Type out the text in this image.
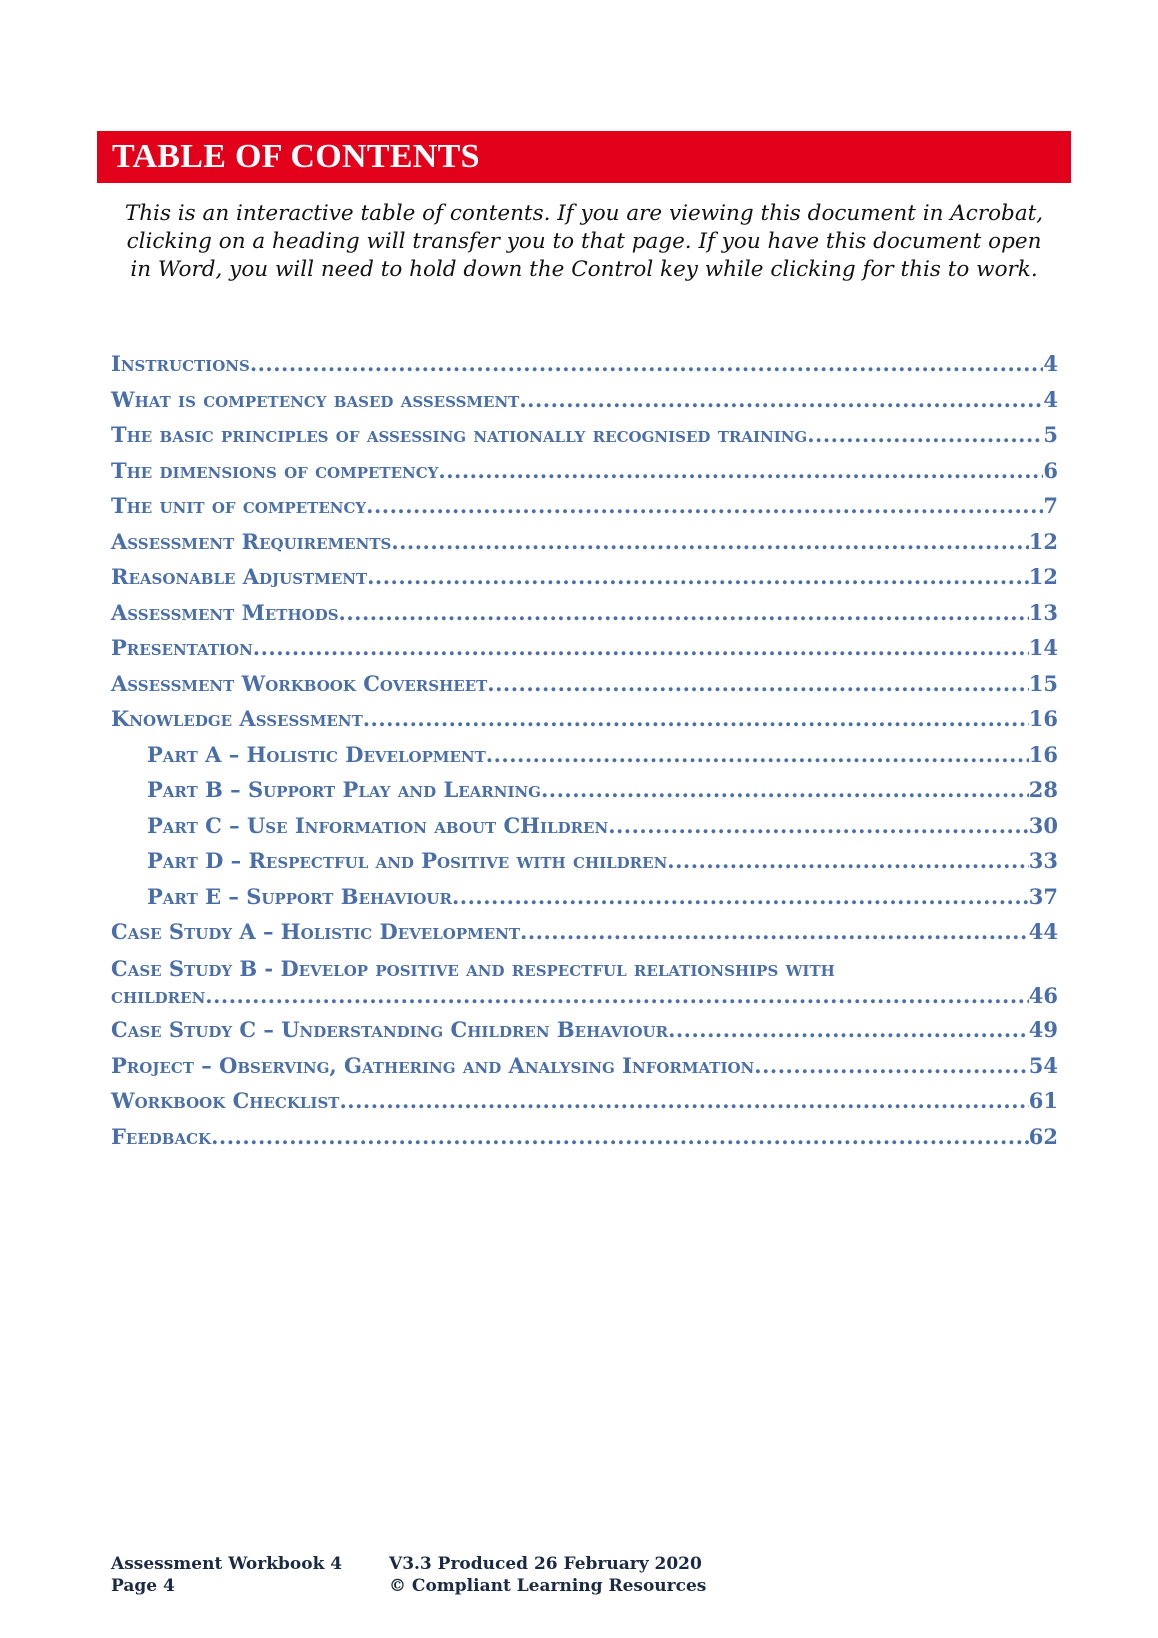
TABLE OF CONTENTS
This is an interactive table of contents. If you are viewing this document in Acrobat, clicking on a heading will transfer you to that page. If you have this document open in Word, you will need to hold down the Control key while clicking for this to work.
Instructions .....	4
What is competency based assessment .....	4
The basic principles of assessing nationally recognised training .....	5
The dimensions of competency .....	6
The unit of competency .....	7
Assessment Requirements .....	12
Reasonable Adjustment .....	12
Assessment Methods .....	13
Presentation .....	14
Assessment Workbook Coversheet .....	15
Knowledge Assessment .....	16
Part A – Holistic Development .....	16
Part B – Support Play and Learning .....	28
Part C – Use Information about CHildren .....	30
Part D – Respectful and Positive with children .....	33
Part E – Support Behaviour .....	37
Case Study A – Holistic Development .....	44
Case Study B - Develop positive and respectful relationships with
children .....	46
Case Study C – Understanding Children Behaviour .....	49
Project – Observing, Gathering and Analysing Information .....	54
Workbook Checklist .....	61
Feedback .....	62
Assessment Workbook 4
Page 4
V3.3 Produced 26 February 2020
© Compliant Learning Resources
